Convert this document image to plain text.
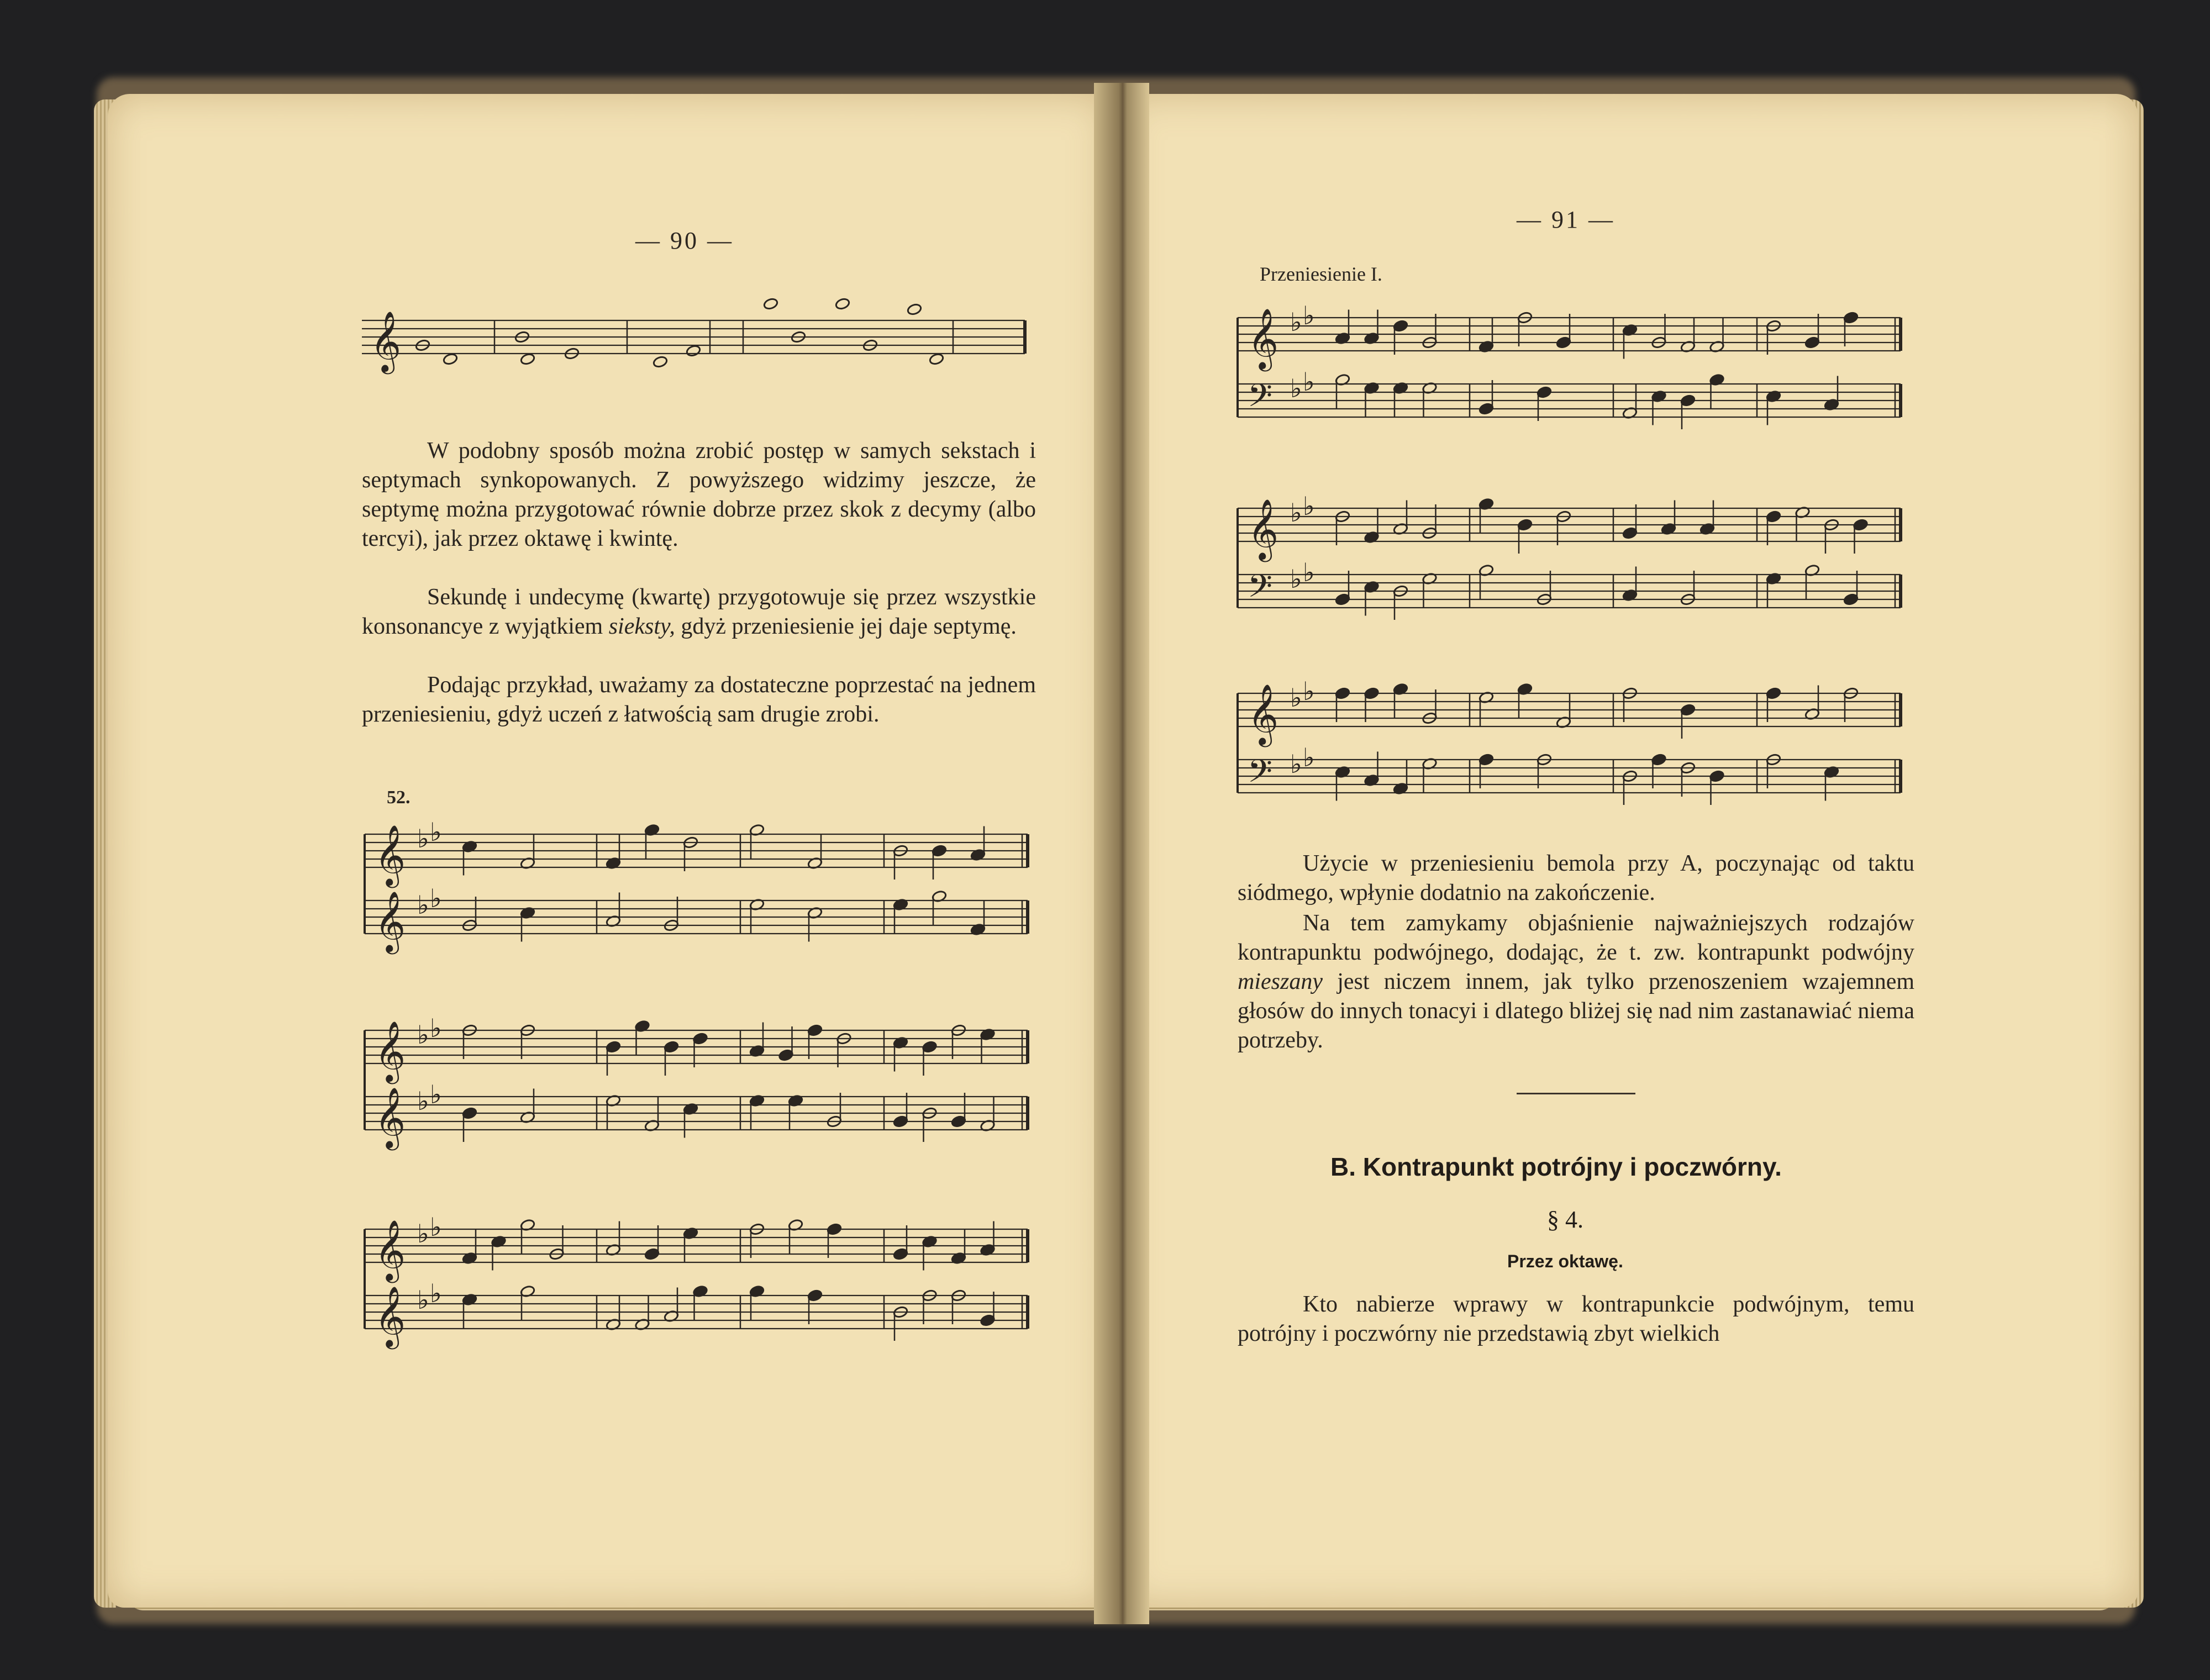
— 90 —
𝄞
W podobny sposób można zrobić postęp w samych sekstach i septymach synkopowanych. Z powyższego widzimy jeszcze, że septymę można przygotować równie dobrze przez skok z decymy (albo tercyi), jak przez oktawę i kwintę.
Sekundę i undecymę (kwartę) przygotowuje się przez wszystkie konsonancye z wyjątkiem sieksty, gdyż przeniesienie jej daje septymę.
Podając przykład, uważamy za dostateczne poprzestać na jednem przeniesieniu, gdyż uczeń z łatwością sam drugie zrobi.
52.
𝄞 ♭ ♭
𝄞 ♭ ♭
𝄞 ♭ ♭
𝄞 ♭ ♭
𝄞 ♭ ♭
𝄞 ♭ ♭
— 91 —
Przeniesienie I.
𝄞 ♭ ♭
𝄢 ♭ ♭
𝄞 ♭ ♭
𝄢 ♭ ♭
𝄞 ♭ ♭
𝄢 ♭ ♭
Użycie w przeniesieniu bemola przy A, poczynając od taktu siódmego, wpłynie dodatnio na zakończenie.
Na tem zamykamy objaśnienie najważniejszych rodzajów kontrapunktu podwójnego, dodając, że t. zw. kontrapunkt podwójny mieszany jest niczem innem, jak tylko przenoszeniem wzajemnem głosów do innych tonacyi i dlatego bliżej się nad nim zastanawiać niema potrzeby.
B. Kontrapunkt potrójny i poczwórny.
§ 4.
Przez oktawę.
Kto nabierze wprawy w kontrapunkcie podwójnym, temu potrójny i poczwórny nie przedstawią zbyt wielkich
